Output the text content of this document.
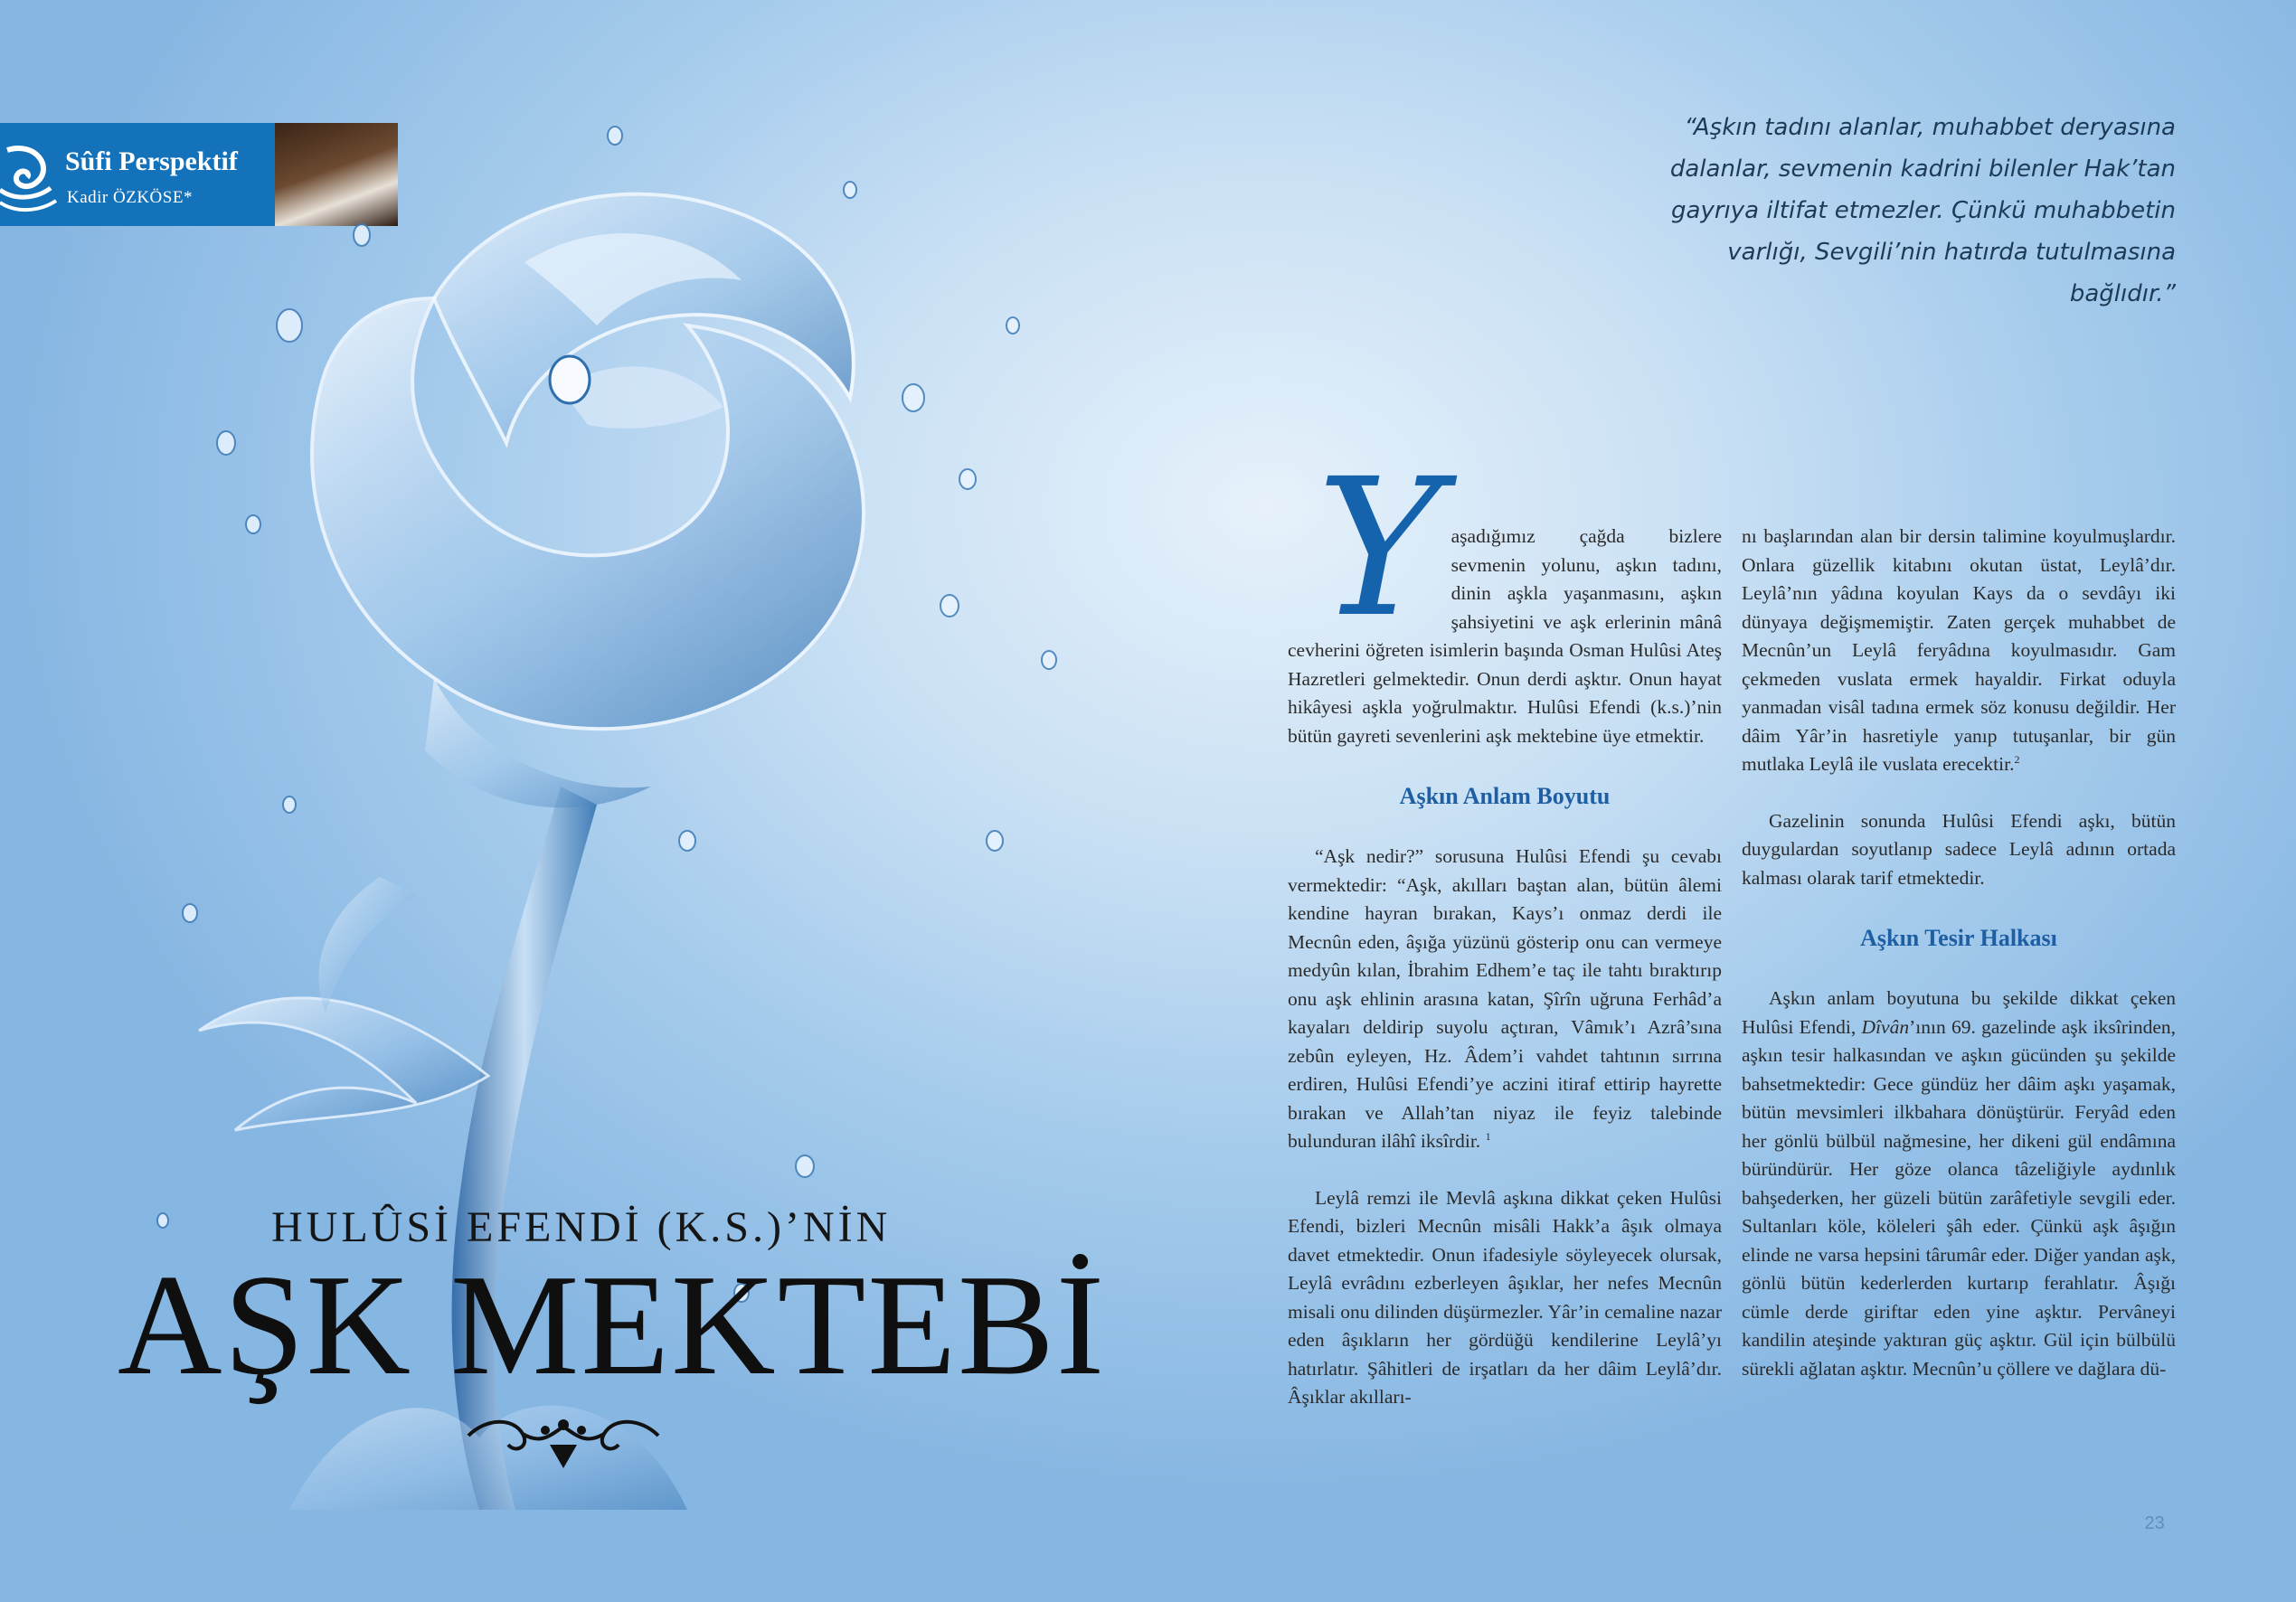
Sûfi Perspektif
Kadir ÖZKÖSE*
“Aşkın tadını alanlar, muhabbet deryasına dalanlar, sevmenin kadrini bilenler Hak’tan gayrıya iltifat etmezler. Çünkü muhabbetin varlığı, Sevgili’nin hatırda tutulmasına bağlıdır.”
HULÛSİ EFENDİ (K.S.)’NİN
AŞK MEKTEBİ

Yaşadığımız çağda bizlere sevmenin yolunu, aşkın tadını, dinin aşkla yaşanmasını, aşkın şahsiyetini ve aşk erlerinin mânâ cevherini öğreten isimlerin başında Osman Hulûsi Ateş Hazretleri gelmektedir. Onun derdi aşktır. Onun hayat hikâyesi aşkla yoğrulmaktır. Hulûsi Efendi (k.s.)’nin bütün gayreti sevenlerini aşk mektebine üye etmektir.

Aşkın Anlam Boyutu

“Aşk nedir?” sorusuna Hulûsi Efendi şu cevabı vermektedir: “Aşk, akılları baştan alan, bütün âlemi kendine hayran bırakan, Kays’ı onmaz derdi ile Mecnûn eden, âşığa yüzünü gösterip onu can vermeye medyûn kılan, İbrahim Edhem’e taç ile tahtı bıraktırıp onu aşk ehlinin arasına katan, Şîrîn uğruna Ferhâd’a kayaları deldirip suyolu açtıran, Vâmık’ı Azrâ’sına zebûn eyleyen, Hz. Âdem’i vahdet tahtının sırrına erdiren, Hulûsi Efendi’ye aczini itiraf ettirip hayrette bırakan ve Allah’tan niyaz ile feyiz talebinde bulunduran ilâhî iksîrdir. $^1$

Leylâ remzi ile Mevlâ aşkına dikkat çeken Hulûsi Efendi, bizleri Mecnûn misâli Hakk’a âşık olmaya davet etmektedir. Onun ifadesiyle söyleyecek olursak, Leylâ evrâdını ezberleyen âşıklar, her nefes Mecnûn misali onu dilinden düşürmezler. Yâr’in cemaline nazar eden âşıkların her gördüğü kendilerine Leylâ’yı hatırlatır. Şâhitleri de irşatları da her dâim Leylâ’dır. Âşıklar akılları-

nı başlarından alan bir dersin talimine koyulmuşlardır. Onlara güzellik kitabını okutan üstat, Leylâ’dır. Leylâ’nın yâdına koyulan Kays da o sevdâyı iki dünyaya değişmemiştir. Zaten gerçek muhabbet de Mecnûn’un Leylâ feryâdına koyulmasıdır. Gam çekmeden vuslata ermek hayaldir. Firkat oduyla yanmadan visâl tadına ermek söz konusu değildir. Her dâim Yâr’in hasretiyle yanıp tutuşanlar, bir gün mutlaka Leylâ ile vuslata erecektir.$^2$

Gazelinin sonunda Hulûsi Efendi aşkı, bütün duygulardan soyutlanıp sadece Leylâ adının ortada kalması olarak tarif etmektedir.

Aşkın Tesir Halkası

Aşkın anlam boyutuna bu şekilde dikkat çeken Hulûsi Efendi, Dîvân’ının 69. gazelinde aşk iksîrinden, aşkın tesir halkasından ve aşkın gücünden şu şekilde bahsetmektedir: Gece gündüz her dâim aşkı yaşamak, bütün mevsimleri ilkbahara dönüştürür. Feryâd eden her gönlü bülbül nağmesine, her dikeni gül endâmına büründürür. Her göze olanca tâzeliğiyle aydınlık bahşederken, her güzeli bütün zarâfetiyle sevgili eder. Sultanları köle, köleleri şâh eder. Çünkü aşk âşığın elinde ne varsa hepsini târumâr eder. Diğer yandan aşk, gönlü bütün kederlerden kurtarıp ferahlatır. Âşığı cümle derde giriftar eden yine aşktır. Pervâneyi kandilin ateşinde yaktıran güç aşktır. Gül için bülbülü sürekli ağlatan aşktır. Mecnûn’u çöllere ve dağlara dü-

22 Haziran 2016	SomuncuBaba | 23
